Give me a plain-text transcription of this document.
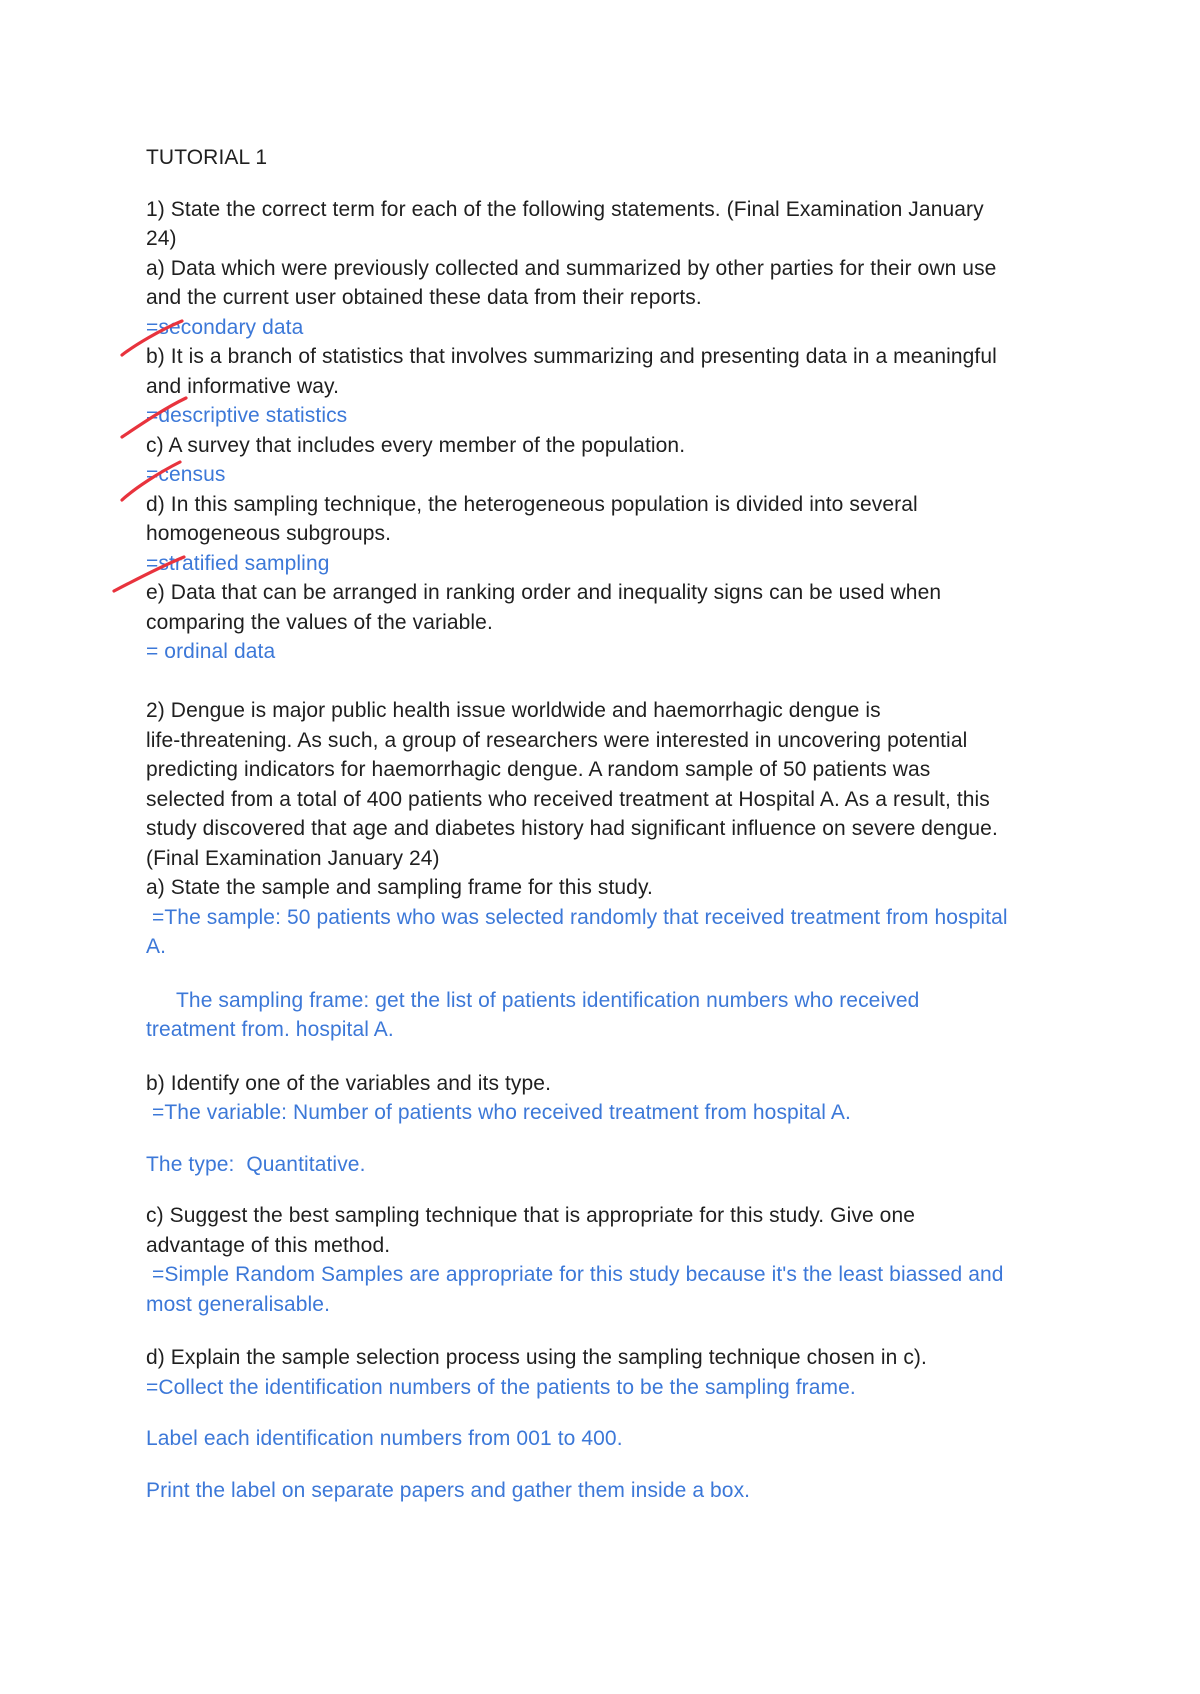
TUTORIAL 1

1) State the correct term for each of the following statements. (Final Examination January

24)

a) Data which were previously collected and summarized by other parties for their own use

and the current user obtained these data from their reports.

=secondary data

b) It is a branch of statistics that involves summarizing and presenting data in a meaningful

and informative way.

=descriptive statistics

c) A survey that includes every member of the population.

=census

d) In this sampling technique, the heterogeneous population is divided into several

homogeneous subgroups.

=stratified sampling

e) Data that can be arranged in ranking order and inequality signs can be used when

comparing the values of the variable.

= ordinal data

2) Dengue is major public health issue worldwide and haemorrhagic dengue is

life-threatening. As such, a group of researchers were interested in uncovering potential

predicting indicators for haemorrhagic dengue. A random sample of 50 patients was

selected from a total of 400 patients who received treatment at Hospital A. As a result, this

study discovered that age and diabetes history had significant influence on severe dengue.

(Final Examination January 24)

a) State the sample and sampling frame for this study.

=The sample: 50 patients who was selected randomly that received treatment from hospital

A.

The sampling frame: get the list of patients identification numbers who received

treatment from. hospital A.

b) Identify one of the variables and its type.

=The variable: Number of patients who received treatment from hospital A.

The type:  Quantitative.

c) Suggest the best sampling technique that is appropriate for this study. Give one

advantage of this method.

=Simple Random Samples are appropriate for this study because it's the least biassed and

most generalisable.

d) Explain the sample selection process using the sampling technique chosen in c).

=Collect the identification numbers of the patients to be the sampling frame.

Label each identification numbers from 001 to 400.

Print the label on separate papers and gather them inside a box.
